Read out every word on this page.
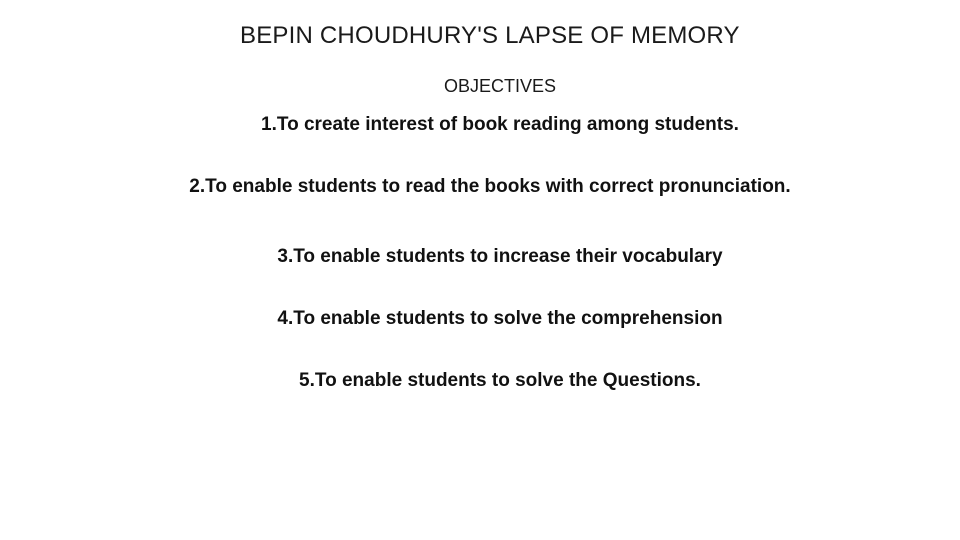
BEPIN CHOUDHURY'S LAPSE OF MEMORY
OBJECTIVES
1.To create interest of book reading among students.
2.To enable students to read the books with correct pronunciation.
3.To enable students to increase their vocabulary
4.To enable students to solve the comprehension
5.To enable students to solve the Questions.
